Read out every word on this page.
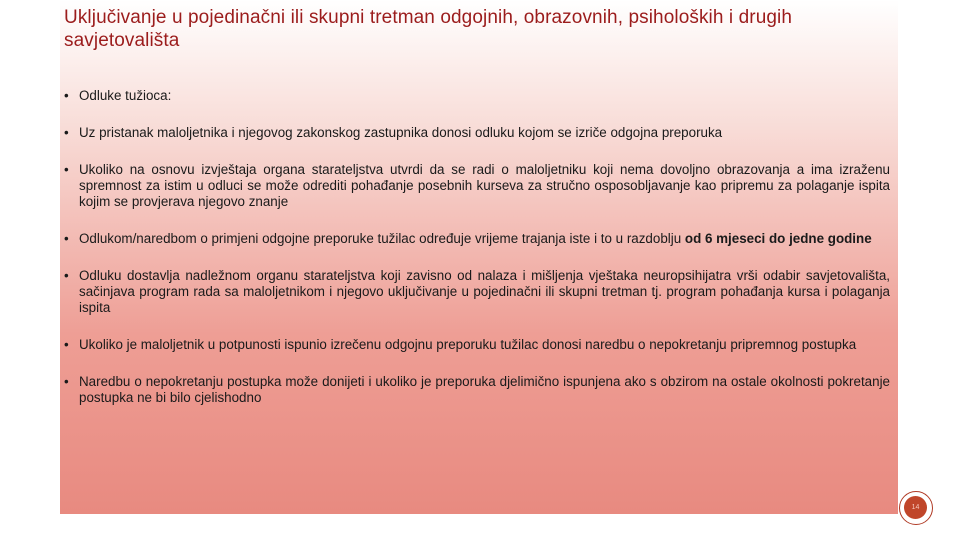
Uključivanje u pojedinačni ili skupni tretman odgojnih, obrazovnih, psiholoških i drugih savjetovališta
• Odluke tužioca:
• Uz pristanak maloljetnika i njegovog zakonskog zastupnika donosi odluku kojom se izriče odgojna preporuka
• Ukoliko na osnovu izvještaja organa starateljstva utvrdi da se radi o maloljetniku koji nema dovoljno obrazovanja a ima izraženu spremnost za istim u odluci se može odrediti pohađanje posebnih kurseva za stručno osposobljavanje kao pripremu za polaganje ispita kojim se provjerava njegovo znanje
• Odlukom/naredbom o primjeni odgojne preporuke tužilac određuje vrijeme trajanja iste i to u razdoblju od 6 mjeseci do jedne godine
• Odluku dostavlja nadležnom organu starateljstva koji zavisno od nalaza i mišljenja vještaka neuropsihijatra vrši odabir savjetovališta, sačinjava program rada sa maloljetnikom i njegovo uključivanje u pojedinačni ili skupni tretman tj. program pohađanja kursa i polaganja ispita
• Ukoliko je maloljetnik u potpunosti ispunio izrečenu odgojnu preporuku tužilac donosi naredbu o nepokretanju pripremnog postupka
• Naredbu o nepokretanju postupka može donijeti i ukoliko je preporuka djelimično ispunjena ako s obzirom na ostale okolnosti pokretanje postupka ne bi bilo cjelishodno
14
